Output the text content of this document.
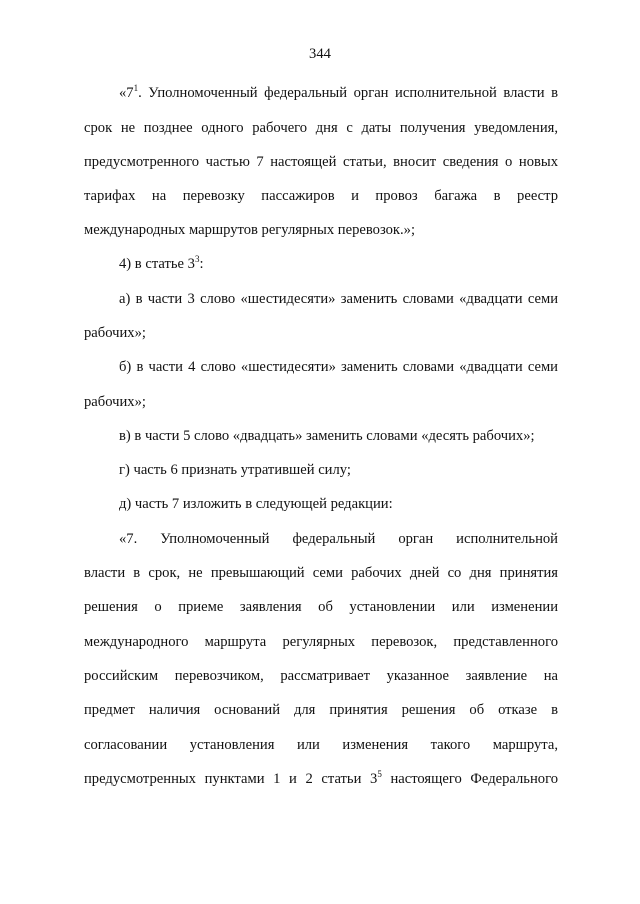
344
«$7^1$. Уполномоченный федеральный орган исполнительной власти в
срок не позднее одного рабочего дня с даты получения уведомления,
предусмотренного частью 7 настоящей статьи, вносит сведения о новых
тарифах на перевозку пассажиров и провоз багажа в реестр
международных маршрутов регулярных перевозок.»;
4) в статье $3^3$:
а) в части 3 слово «шестидесяти» заменить словами «двадцати семи
рабочих»;
б) в части 4 слово «шестидесяти» заменить словами «двадцати семи
рабочих»;
в) в части 5 слово «двадцать» заменить словами «десять рабочих»;
г) часть 6 признать утратившей силу;
д) часть 7 изложить в следующей редакции:
«7. Уполномоченный федеральный орган исполнительной
власти в срок, не превышающий семи рабочих дней со дня принятия
решения о приеме заявления об установлении или изменении
международного маршрута регулярных перевозок, представленного
российским перевозчиком, рассматривает указанное заявление на
предмет наличия оснований для принятия решения об отказе в
согласовании установления или изменения такого маршрута,
предусмотренных пунктами 1 и 2 статьи $3^5$ настоящего Федерального
